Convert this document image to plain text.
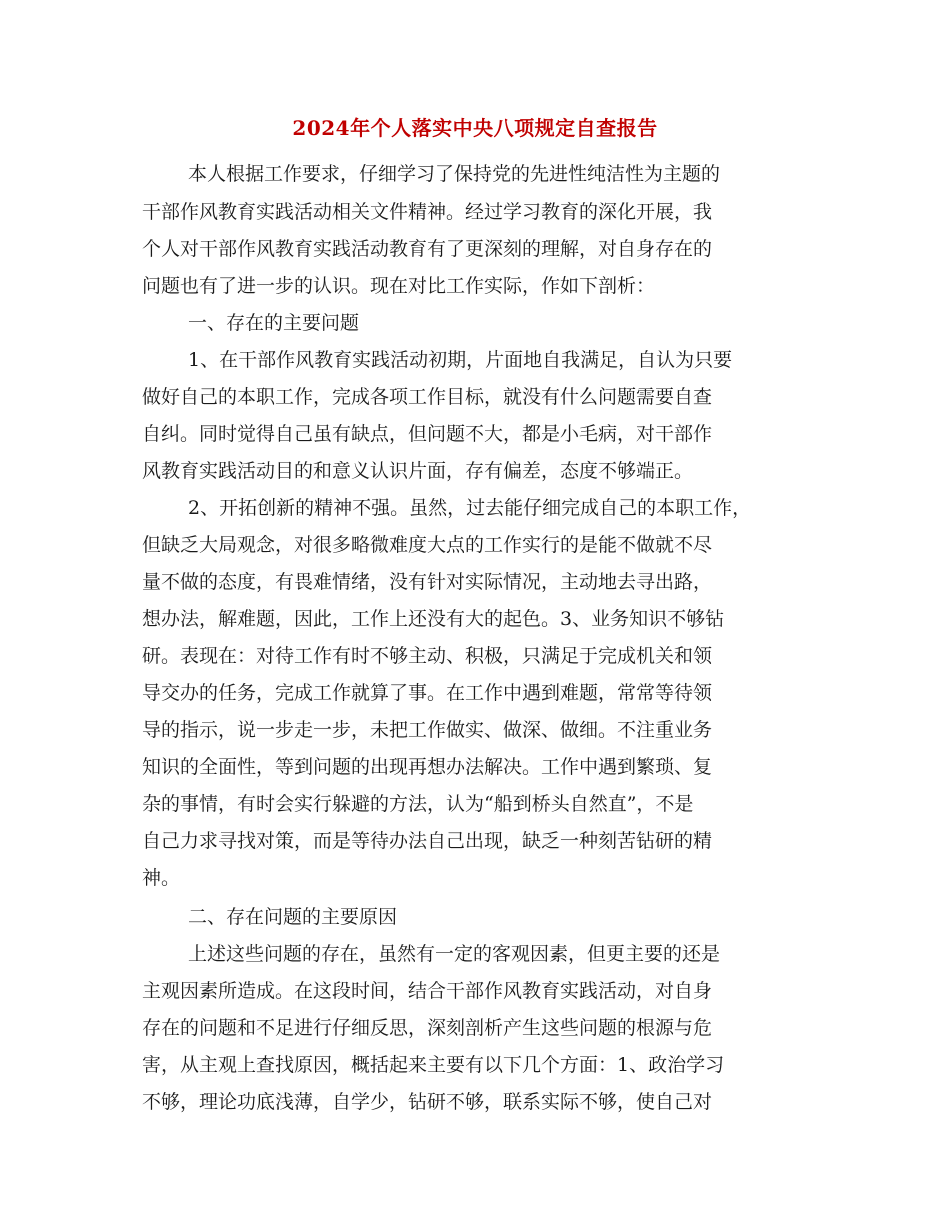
2024年个人落实中央八项规定自查报告
本人根据工作要求，仔细学习了保持党的先进性纯洁性为主题的
干部作风教育实践活动相关文件精神。经过学习教育的深化开展，我
个人对干部作风教育实践活动教育有了更深刻的理解，对自身存在的
问题也有了进一步的认识。现在对比工作实际，作如下剖析：
一、存在的主要问题
1、在干部作风教育实践活动初期，片面地自我满足，自认为只要
做好自己的本职工作，完成各项工作目标，就没有什么问题需要自查
自纠。同时觉得自己虽有缺点，但问题不大，都是小毛病，对干部作
风教育实践活动目的和意义认识片面，存有偏差，态度不够端正。
2、开拓创新的精神不强。虽然，过去能仔细完成自己的本职工作，
但缺乏大局观念，对很多略微难度大点的工作实行的是能不做就不尽
量不做的态度，有畏难情绪，没有针对实际情况，主动地去寻出路，
想办法，解难题，因此，工作上还没有大的起色。3、业务知识不够钻
研。表现在：对待工作有时不够主动、积极，只满足于完成机关和领
导交办的任务，完成工作就算了事。在工作中遇到难题，常常等待领
导的指示，说一步走一步，未把工作做实、做深、做细。不注重业务
知识的全面性，等到问题的出现再想办法解决。工作中遇到繁琐、复
杂的事情，有时会实行躲避的方法，认为“船到桥头自然直”，不是
自己力求寻找对策，而是等待办法自己出现，缺乏一种刻苦钻研的精
神。
二、存在问题的主要原因
上述这些问题的存在，虽然有一定的客观因素，但更主要的还是
主观因素所造成。在这段时间，结合干部作风教育实践活动，对自身
存在的问题和不足进行仔细反思，深刻剖析产生这些问题的根源与危
害，从主观上查找原因，概括起来主要有以下几个方面：1、政治学习
不够，理论功底浅薄，自学少，钻研不够，联系实际不够，使自己对
